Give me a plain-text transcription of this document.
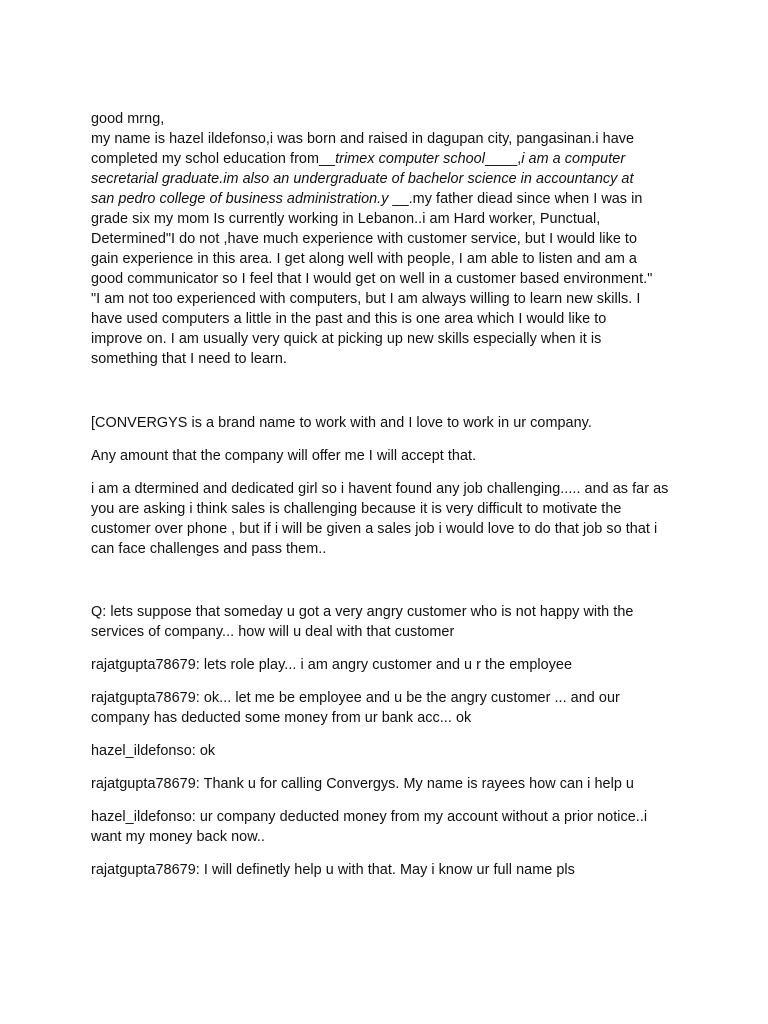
good mrng,
my name is hazel ildefonso,i was born and raised in dagupan city, pangasinan.i have
completed my schol education from__trimex computer school____,i am a computer
secretarial graduate.im also an undergraduate of bachelor science in accountancy at
san pedro college of business administration.y __.my father diead since when I was in
grade six my mom Is currently working in Lebanon..i am Hard worker, Punctual,
Determined"I do not ,have much experience with customer service, but I would like to
gain experience in this area. I get along well with people, I am able to listen and am a
good communicator so I feel that I would get on well in a customer based environment."
"I am not too experienced with computers, but I am always willing to learn new skills. I
have used computers a little in the past and this is one area which I would like to
improve on. I am usually very quick at picking up new skills especially when it is
something that I need to learn.

[CONVERGYS is a brand name to work with and I love to work in ur company.

Any amount that the company will offer me I will accept that.

i am a dtermined and dedicated girl so i havent found any job challenging..... and as far as you are asking i think sales is challenging because it is very difficult to motivate the customer over phone , but if i will be given a sales job i would love to do that job so that i can face challenges and pass them..

Q: lets suppose that someday u got a very angry customer who is not happy with the services of company... how will u deal with that customer

rajatgupta78679: lets role play... i am angry customer and u r the employee

rajatgupta78679: ok... let me be employee and u be the angry customer ... and our company has deducted some money from ur bank acc... ok

hazel_ildefonso: ok

rajatgupta78679: Thank u for calling Convergys. My name is rayees how can i help u

hazel_ildefonso: ur company deducted money from my account without a prior notice..i want my money back now..

rajatgupta78679: I will definetly help u with that. May i know ur full name pls
